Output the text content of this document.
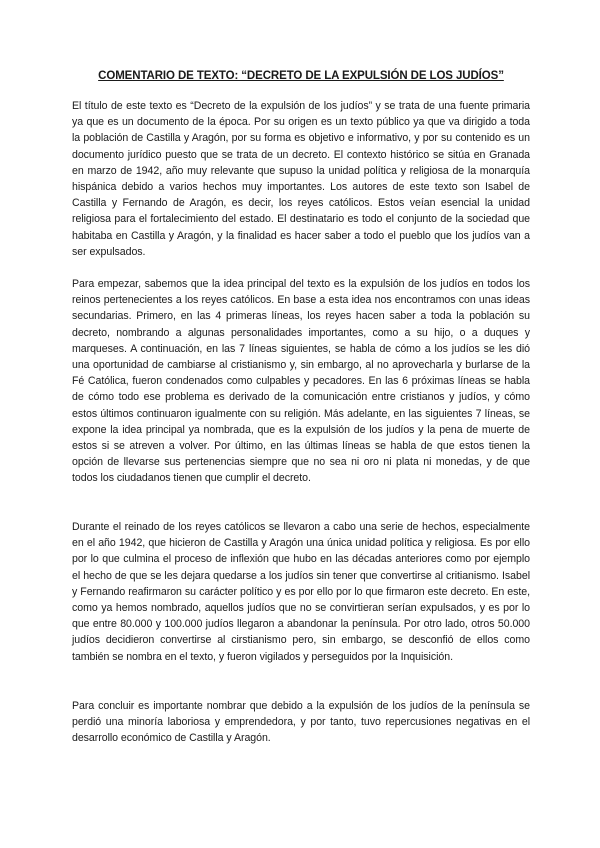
COMENTARIO DE TEXTO: “DECRETO DE LA EXPULSIÓN DE LOS JUDÍOS”

El título de este texto es “Decreto de la expulsión de los judíos” y se trata de una fuente primaria ya que es un documento de la época. Por su origen es un texto público ya que va dirigido a toda la población de Castilla y Aragón, por su forma es objetivo e informativo, y por su contenido es un documento jurídico puesto que se trata de un decreto. El contexto histórico se sitúa en Granada en marzo de 1942, año muy relevante que supuso la unidad política y religiosa de la monarquía hispánica debido a varios hechos muy importantes. Los autores de este texto son Isabel de Castilla y Fernando de Aragón, es decir, los reyes católicos. Estos veían esencial la unidad religiosa para el fortalecimiento del estado. El destinatario es todo el conjunto de la sociedad que habitaba en Castilla y Aragón, y la finalidad es hacer saber a todo el pueblo que los judíos van a ser expulsados.

Para empezar, sabemos que la idea principal del texto es la expulsión de los judíos en todos los reinos pertenecientes a los reyes católicos. En base a esta idea nos encontramos con unas ideas secundarias. Primero, en las 4 primeras líneas, los reyes hacen saber a toda la población su decreto, nombrando a algunas personalidades importantes, como a su hijo, o a duques y marqueses. A continuación, en las 7 líneas siguientes, se habla de cómo a los judíos se les dió una oportunidad de cambiarse al cristianismo y, sin embargo, al no aprovecharla y burlarse de la Fé Católica, fueron condenados como culpables y pecadores. En las 6 próximas líneas se habla de cómo todo ese problema es derivado de la comunicación entre cristianos y judíos, y cómo estos últimos continuaron igualmente con su religión. Más adelante, en las siguientes 7 líneas, se expone la idea principal ya nombrada, que es la expulsión de los judíos y la pena de muerte de estos si se atreven a volver. Por último, en las últimas líneas se habla de que estos tienen la opción de llevarse sus pertenencias siempre que no sea ni oro ni plata ni monedas, y de que todos los ciudadanos tienen que cumplir el decreto.

Durante el reinado de los reyes católicos se llevaron a cabo una serie de hechos, especialmente en el año 1942, que hicieron de Castilla y Aragón una única unidad política y religiosa. Es por ello por lo que culmina el proceso de inflexión que hubo en las décadas anteriores como por ejemplo el hecho de que se les dejara quedarse a los judíos sin tener que convertirse al critianismo. Isabel y Fernando reafirmaron su carácter político y es por ello por lo que firmaron este decreto. En este, como ya hemos nombrado, aquellos judíos que no se convirtieran serían expulsados, y es por lo que entre 80.000 y 100.000 judíos llegaron a abandonar la península. Por otro lado, otros 50.000 judíos decidieron convertirse al cirstianismo pero, sin embargo, se desconfió de ellos como también se nombra en el texto, y fueron vigilados y perseguidos por la Inquisición.

Para concluir es importante nombrar que debido a la expulsión de los judíos de la península se perdió una minoría laboriosa y emprendedora, y por tanto, tuvo repercusiones negativas en el desarrollo económico de Castilla y Aragón.
